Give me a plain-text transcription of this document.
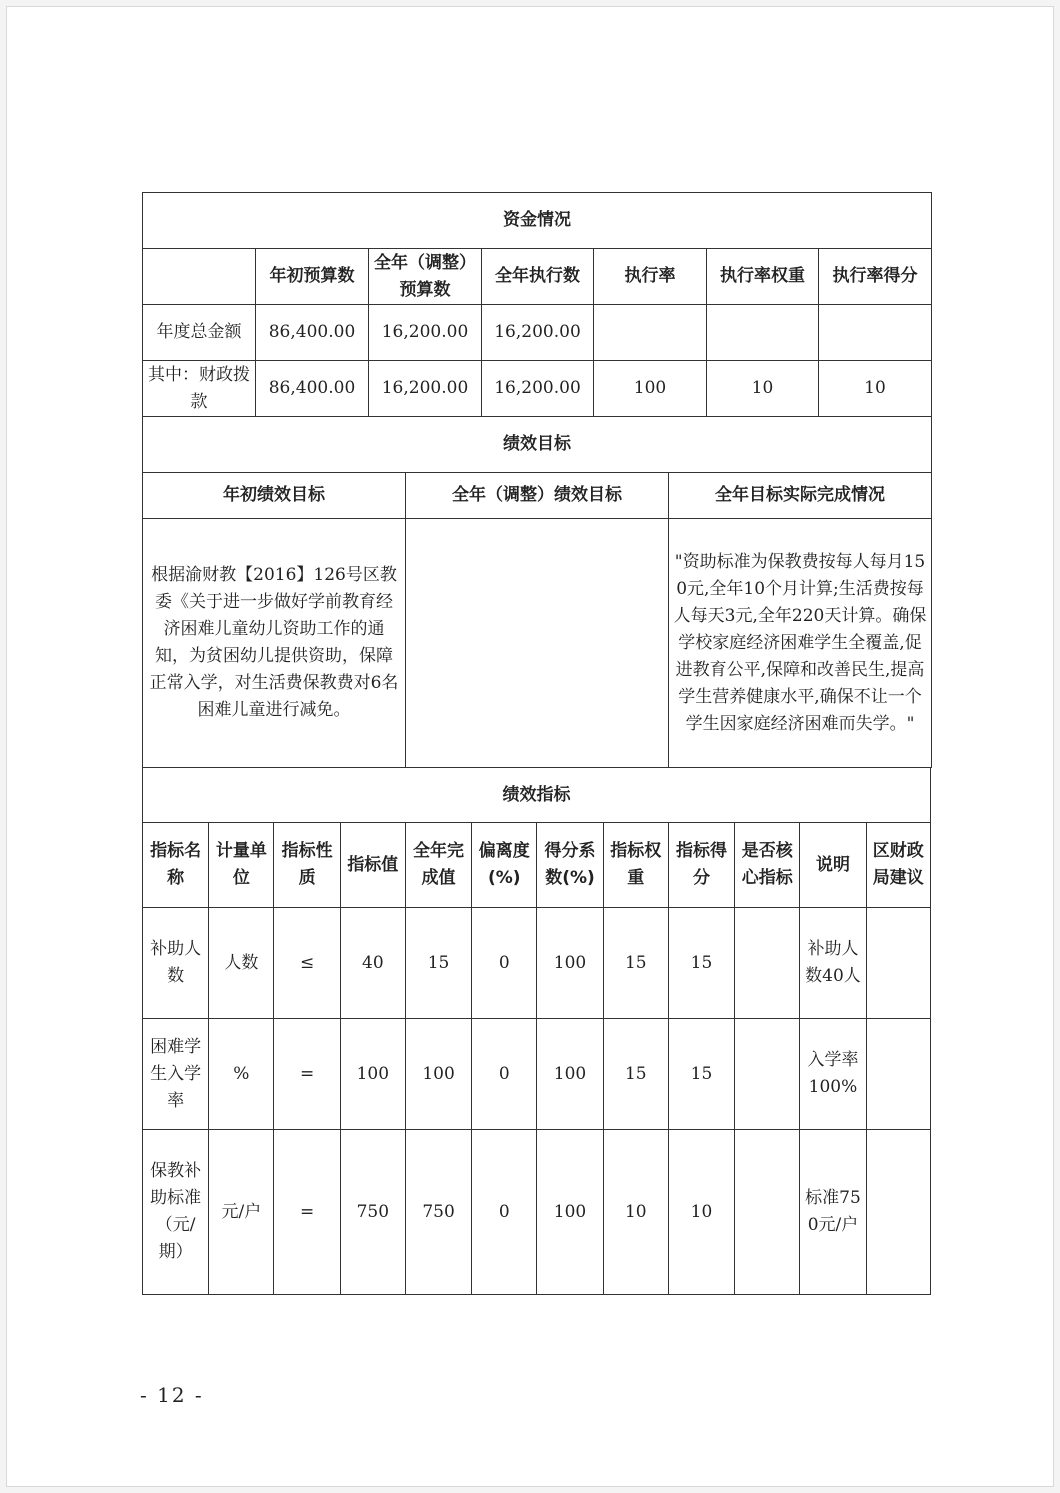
资金情况						
	年初预算数	全年（调整）预算数	全年执行数	执行率	执行率权重	执行率得分
年度总金额	86,400.00	16,200.00	16,200.00			
其中：财政拨款	86,400.00	16,200.00	16,200.00	100	10	10
绩效目标						
年初绩效目标	全年（调整）绩效目标	全年目标实际完成情况
根据渝财教【2016】126号区教委《关于进一步做好学前教育经济困难儿童幼儿资助工作的通知，为贫困幼儿提供资助，保障正常入学，对生活费保教费对6名困难儿童进行减免。		"资助标准为保教费按每人每月150元,全年10个月计算;生活费按每人每天3元,全年220天计算。确保学校家庭经济困难学生全覆盖,促进教育公平,保障和改善民生,提高学生营养健康水平,确保不让一个学生因家庭经济困难而失学。"
绩效指标											
指标名称	计量单位	指标性质	指标值	全年完成值	偏离度(%)	得分系数(%)	指标权重	指标得分	是否核心指标	说明	区财政局建议
补助人数	人数	≤	40	15	0	100	15	15		补助人数40人	
困难学生入学率	%	=	100	100	0	100	15	15		入学率100%	
保教补助标准（元/期）	元/户	=	750	750	0	100	10	10		标准750元/户	
- 12 -
